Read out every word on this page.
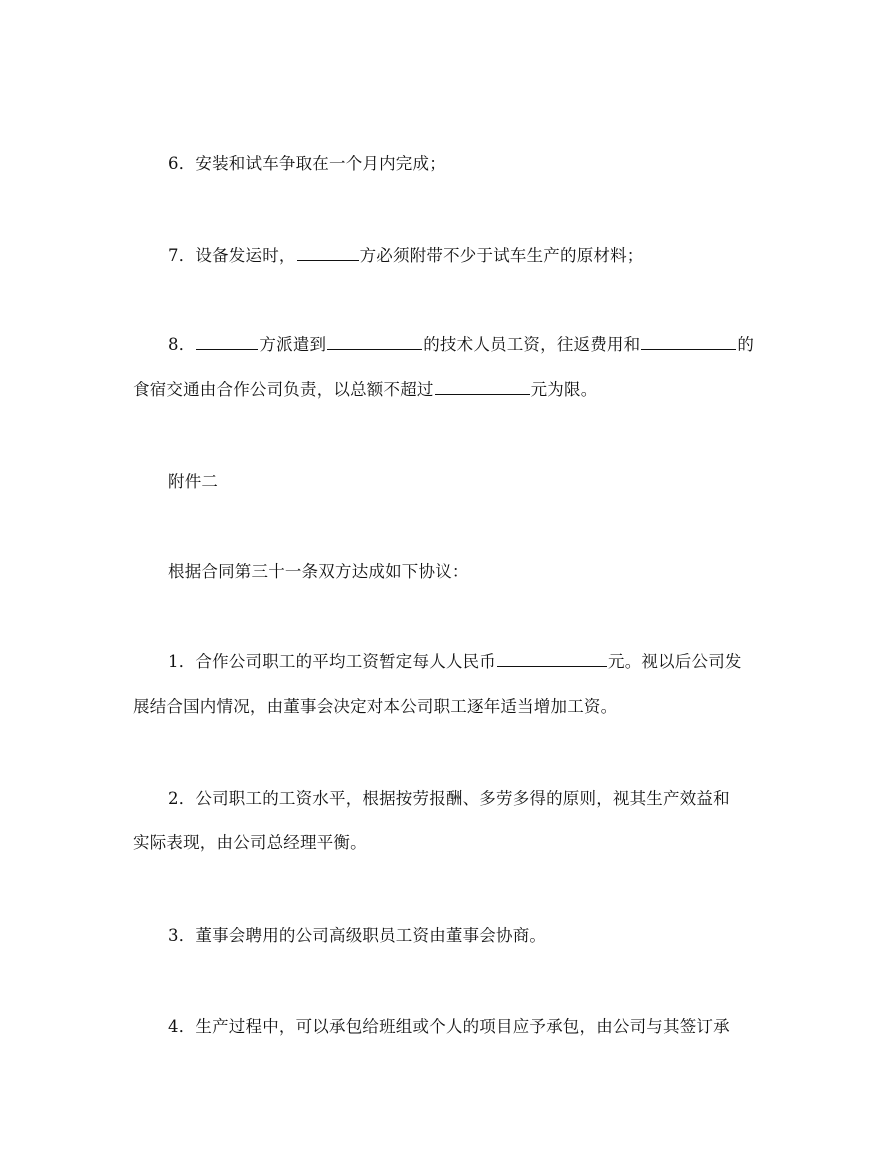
6．安装和试车争取在一个月内完成；
7．设备发运时，	方必须附带不少于试车生产的原材料；
8．	方派遣到	的技术人员工资，往返费用和	的
食宿交通由合作公司负责，以总额不超过	元为限。
附件二
根据合同第三十一条双方达成如下协议：
1．合作公司职工的平均工资暂定每人人民币	元。视以后公司发
展结合国内情况，由董事会决定对本公司职工逐年适当增加工资。
2．公司职工的工资水平，根据按劳报酬、多劳多得的原则，视其生产效益和
实际表现，由公司总经理平衡。
3．董事会聘用的公司高级职员工资由董事会协商。
4．生产过程中，可以承包给班组或个人的项目应予承包，由公司与其签订承
